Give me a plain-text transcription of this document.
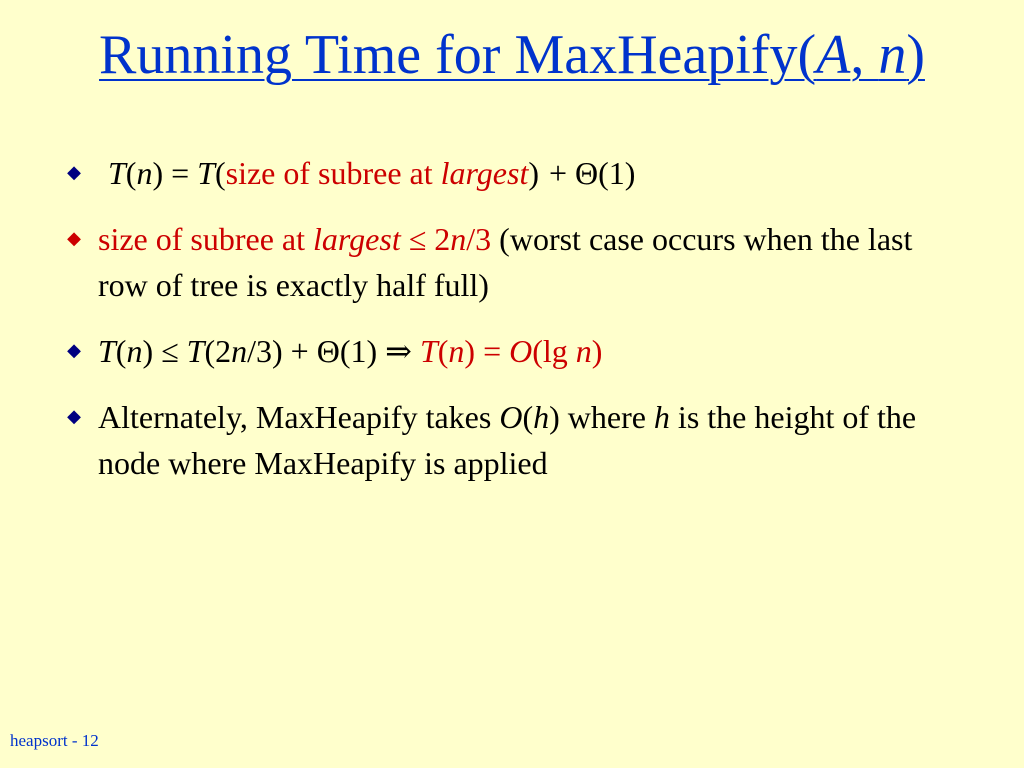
Running Time for MaxHeapify(A, n)
◆ T(n) = T(size of subree at largest) + Θ(1)
◆ size of subree at largest ≤ 2n/3 (worst case occurs when the last row of tree is exactly half full)
◆ T(n) ≤ T(2n/3) + Θ(1) ⇒ T(n) = O(lg n)
◆ Alternately, MaxHeapify takes O(h) where h is the height of the node where MaxHeapify is applied
heapsort - 12
